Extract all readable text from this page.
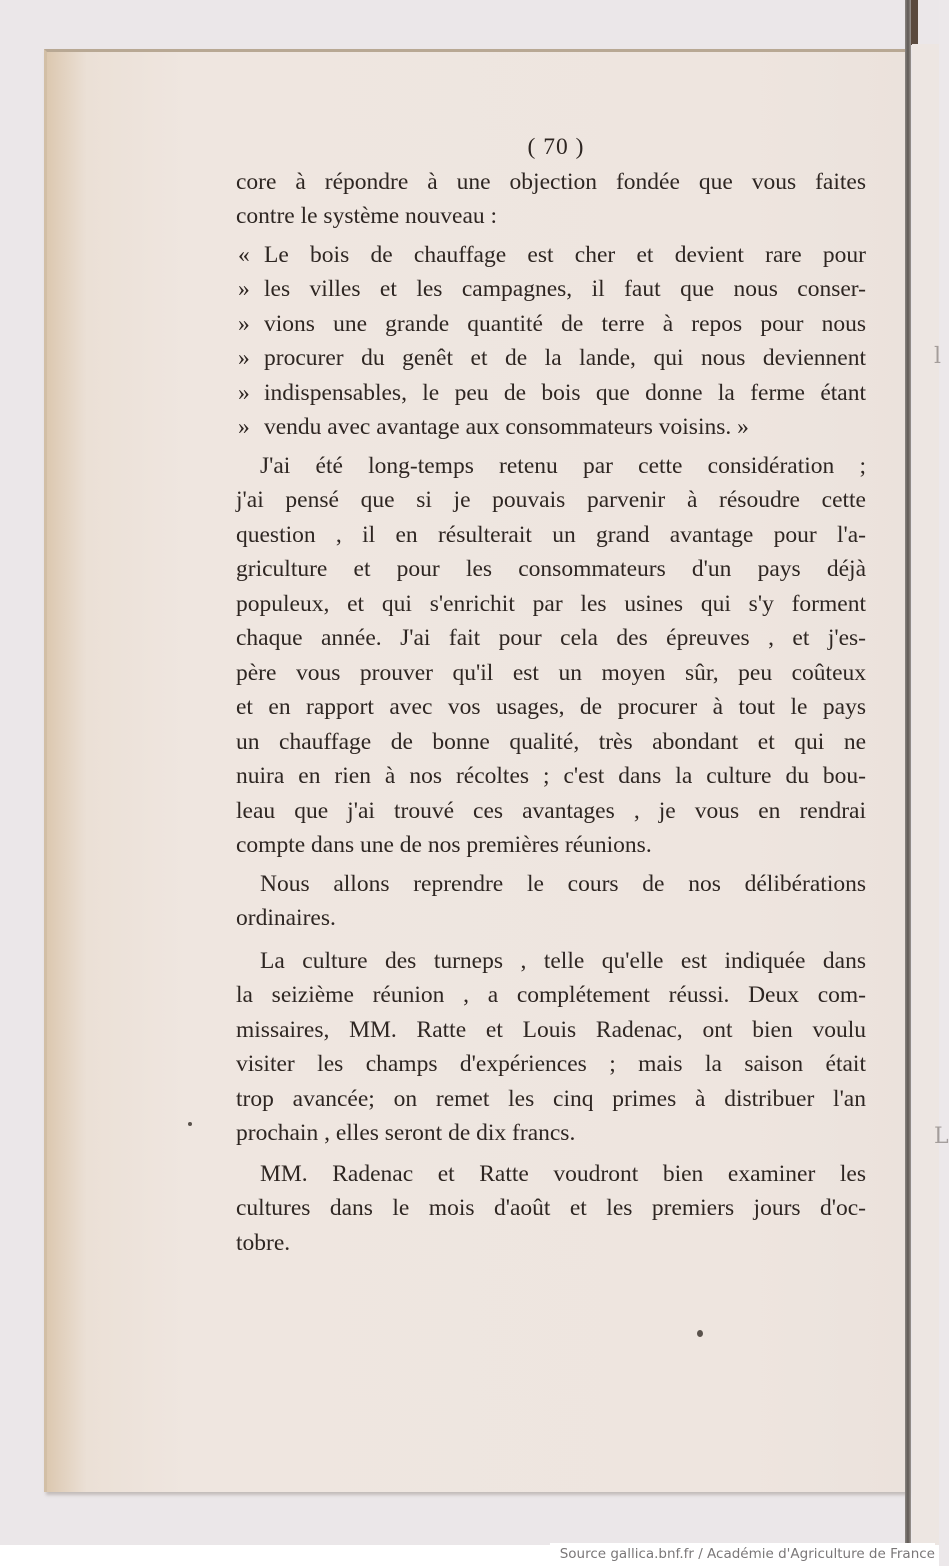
l
L
( 70 )
core à répondre à une objection fondée que vous faites
contre le système nouveau :
« Le bois de chauffage est cher et devient rare pour
» les villes et les campagnes, il faut que nous conser-
» vions une grande quantité de terre à repos pour nous
» procurer du genêt et de la lande, qui nous deviennent
» indispensables, le peu de bois que donne la ferme étant
» vendu avec avantage aux consommateurs voisins. »
J'ai été long-temps retenu par cette considération ;
j'ai pensé que si je pouvais parvenir à résoudre cette
question , il en résulterait un grand avantage pour l'a-
griculture et pour les consommateurs d'un pays déjà
populeux, et qui s'enrichit par les usines qui s'y forment
chaque année. J'ai fait pour cela des épreuves , et j'es-
père vous prouver qu'il est un moyen sûr, peu coûteux
et en rapport avec vos usages, de procurer à tout le pays
un chauffage de bonne qualité, très abondant et qui ne
nuira en rien à nos récoltes ; c'est dans la culture du bou-
leau que j'ai trouvé ces avantages , je vous en rendrai
compte dans une de nos premières réunions.
Nous allons reprendre le cours de nos délibérations
ordinaires.
La culture des turneps , telle qu'elle est indiquée dans
la seizième réunion , a complétement réussi. Deux com-
missaires, MM. Ratte et Louis Radenac, ont bien voulu
visiter les champs d'expériences ; mais la saison était
trop avancée; on remet les cinq primes à distribuer l'an
prochain , elles seront de dix francs.
MM. Radenac et Ratte voudront bien examiner les
cultures dans le mois d'août et les premiers jours d'oc-
tobre.
Source gallica.bnf.fr / Académie d'Agriculture de France
